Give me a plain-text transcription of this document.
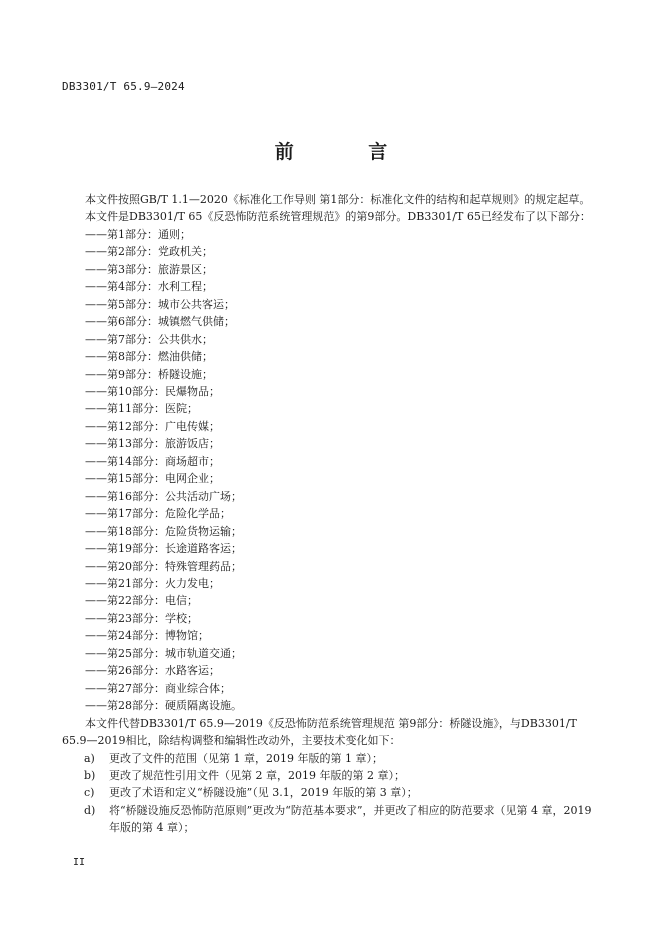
DB3301/T 65.9—2024
前 言

本文件按照GB/T 1.1—2020《标准化工作导则 第1部分：标准化文件的结构和起草规则》的规定起草。

本文件是DB3301/T 65《反恐怖防范系统管理规范》的第9部分。DB3301/T 65已经发布了以下部分：

——第1部分：通则；

——第2部分：党政机关；

——第3部分：旅游景区；

——第4部分：水利工程；

——第5部分：城市公共客运；

——第6部分：城镇燃气供储；

——第7部分：公共供水；

——第8部分：燃油供储；

——第9部分：桥隧设施；

——第10部分：民爆物品；

——第11部分：医院；

——第12部分：广电传媒；

——第13部分：旅游饭店；

——第14部分：商场超市；

——第15部分：电网企业；

——第16部分：公共活动广场；

——第17部分：危险化学品；

——第18部分：危险货物运输；

——第19部分：长途道路客运；

——第20部分：特殊管理药品；

——第21部分：火力发电；

——第22部分：电信；

——第23部分：学校；

——第24部分：博物馆；

——第25部分：城市轨道交通；

——第26部分：水路客运；

——第27部分：商业综合体；

——第28部分：硬质隔离设施。

本文件代替DB3301/T 65.9—2019《反恐怖防范系统管理规范 第9部分：桥隧设施》，与DB3301/T 65.9—2019相比，除结构调整和编辑性改动外，主要技术变化如下：

a) 更改了文件的范围（见第 1 章，2019 年版的第 1 章）；

b) 更改了规范性引用文件（见第 2 章，2019 年版的第 2 章）；

c) 更改了术语和定义“桥隧设施”（见 3.1，2019 年版的第 3 章）；

d) 将“桥隧设施反恐怖防范原则”更改为“防范基本要求”，并更改了相应的防范要求（见第 4 章，2019 年版的第 4 章）；

II
